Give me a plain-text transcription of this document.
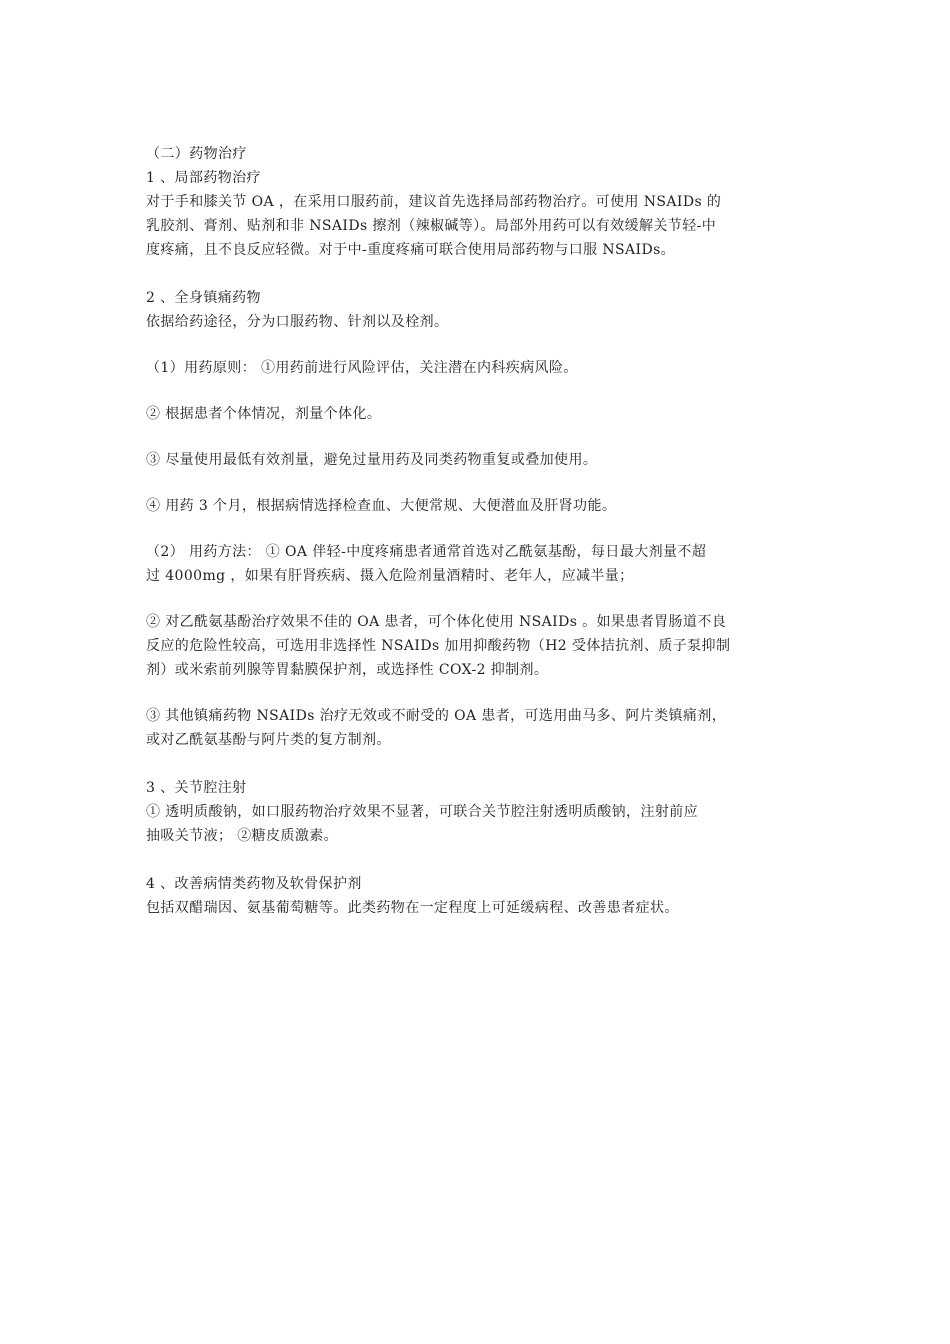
（二）药物治疗
1 、局部药物治疗
对于手和膝关节 OA ，在采用口服药前，建议首先选择局部药物治疗。可使用 NSAIDs 的
乳胶剂、膏剂、贴剂和非 NSAIDs 擦剂（辣椒碱等）。局部外用药可以有效缓解关节轻-中
度疼痛，且不良反应轻微。对于中-重度疼痛可联合使用局部药物与口服 NSAIDs。
2 、全身镇痛药物
依据给药途径，分为口服药物、针剂以及栓剂。
（1）用药原则： ①用药前进行风险评估，关注潜在内科疾病风险。
② 根据患者个体情况，剂量个体化。
③ 尽量使用最低有效剂量，避免过量用药及同类药物重复或叠加使用。
④ 用药 3 个月，根据病情选择检查血、大便常规、大便潜血及肝肾功能。
（2） 用药方法： ① OA 伴轻-中度疼痛患者通常首选对乙酰氨基酚，每日最大剂量不超
过 4000mg ，如果有肝肾疾病、摄入危险剂量酒精时、老年人，应减半量；
② 对乙酰氨基酚治疗效果不佳的 OA 患者，可个体化使用 NSAIDs 。如果患者胃肠道不良
反应的危险性较高，可选用非选择性 NSAIDs 加用抑酸药物（H2 受体拮抗剂、质子泵抑制
剂）或米索前列腺等胃黏膜保护剂，或选择性 COX-2 抑制剂。
③ 其他镇痛药物 NSAIDs 治疗无效或不耐受的 OA 患者，可选用曲马多、阿片类镇痛剂，
或对乙酰氨基酚与阿片类的复方制剂。
3 、关节腔注射
① 透明质酸钠，如口服药物治疗效果不显著，可联合关节腔注射透明质酸钠，注射前应
抽吸关节液； ②糖皮质激素。
4 、改善病情类药物及软骨保护剂
包括双醋瑞因、氨基葡萄糖等。此类药物在一定程度上可延缓病程、改善患者症状。
